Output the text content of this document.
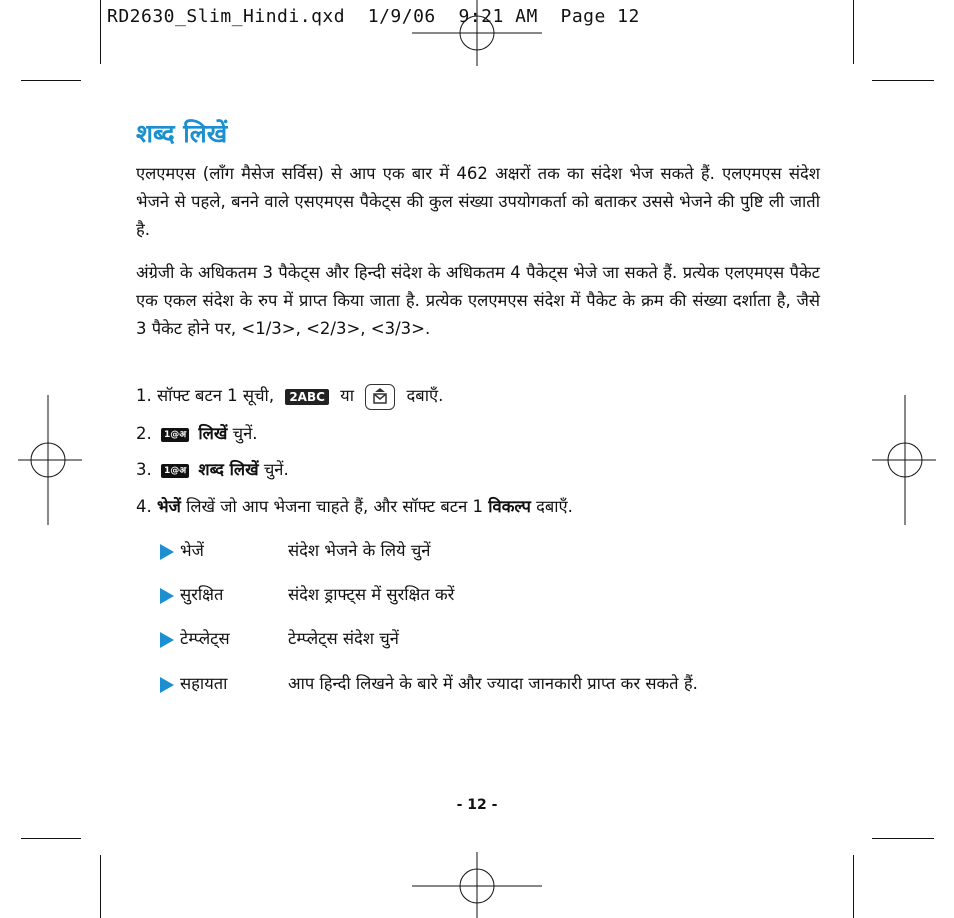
RD2630_Slim_Hindi.qxd  1/9/06  9:21 AM  Page 12
शब्द लिखें
एलएमएस (लाँग मैसेज सर्विस) से आप एक बार में 462 अक्षरों तक का संदेश भेज सकते हैं. एलएमएस संदेश भेजने से पहले, बनने वाले एसएमएस पैकेट्स की कुल संख्या उपयोगकर्ता को बताकर उससे भेजने की पुष्टि ली जाती है.
अंग्रेजी के अधिकतम 3 पैकेट्स और हिन्दी संदेश के अधिकतम 4 पैकेट्स भेजे जा सकते हैं. प्रत्येक एलएमएस पैकेट एक एकल संदेश के रुप में प्राप्त किया जाता है. प्रत्येक एलएमएस संदेश में पैकेट के क्रम की संख्या दर्शाता है, जैसे 3 पैकेट होने पर, <1/3>, <2/3>, <3/3>.
1. सॉफ्ट बटन 1 सूची, 2ABC या	दबाएँ.
2. 1@अ लिखें चुनें.
3. 1@अ शब्द लिखें चुनें.
4. भेजें लिखें जो आप भेजना चाहते हैं, और सॉफ्ट बटन 1 विकल्प दबाएँ.
भेजें	संदेश भेजने के लिये चुनें
सुरक्षित	संदेश ड्राफ्ट्स में सुरक्षित करें
टेम्प्लेट्स	टेम्प्लेट्स संदेश चुनें
सहायता	आप हिन्दी लिखने के बारे में और ज्यादा जानकारी प्राप्त कर सकते हैं.
- 12 -
